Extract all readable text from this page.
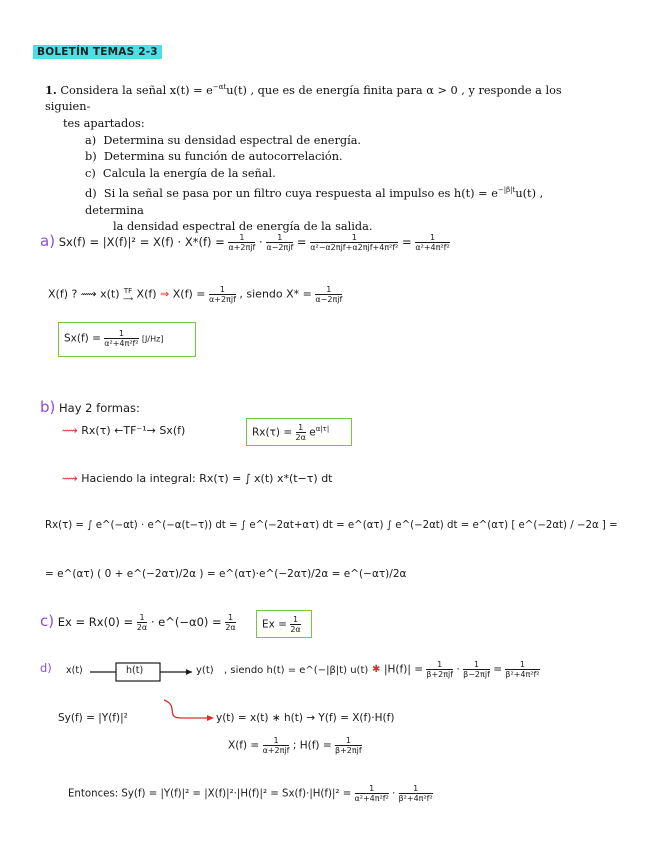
BOLETÍN TEMAS 2-3
1. Considera la señal $x(t) = e^{-\alpha t}u(t)$ , que es de energía finita para α > 0 , y responde a los siguien-
tes apartados:
a) Determina su densidad espectral de energía.
b) Determina su función de autocorrelación.
c) Calcula la energía de la señal.
d) Si la señal se pasa por un filtro cuya respuesta al impulso es $h(t) = e^{-|\beta|t}u(t)$ , determina
la densidad espectral de energía de la salida.
a) $Sx(f) = |X(f)|^2 = X(f) \cdot X*(f) = \frac{1}{\text{α+2πjf}} \cdot \frac{1}{\text{α−2πjf}} = \frac{1}{\text{α²−α2πjf+α2πjf+4π²f²}} = \frac{1}{\text{α²+4π²f²}}$
X(f) ? ⟿ x(t) TF
⟶ X(f) ⇒ $X(f) = \frac{1}{\text{α+2πjf}}$ , siendo $X* = \frac{1}{\text{α−2πjf}}$
$Sx(f) = \frac{1}{\text{α²+4π²f²}} [J/Hz]$
b) Hay 2 formas:
⟿ Rx(τ) ←TF⁻¹→ Sx(f)	$Rx(\tau) = \frac{1}{2\alpha} e^{\alpha|\tau|}$
⟿ Haciendo la integral: Rx(τ) = ∫ x(t) x*(t−τ) dt
Rx(τ) = ∫ e^(−αt) · e^(−α(t−τ)) dt = ∫ e^(−2αt+ατ) dt = e^(ατ) ∫ e^(−2αt) dt = e^(ατ) [ e^(−2αt) / −2α ] =
= e^(ατ) ( 0 + e^(−2ατ)/2α ) = e^(ατ)·e^(−2ατ)/2α = e^(−ατ)/2α
c) $Ex = Rx(0) = \frac{1}{2\alpha}$ · e^(−α0) = $\frac{1}{2\alpha}$	$Ex = \frac{1}{2\alpha}$
d) x(t)	h(t)	y(t) , siendo h(t) = e^(−|β|t) u(t) ✱ $|H(f)| = \frac{1}{\text{β+2πjf}} \cdot \frac{1}{\text{β−2πjf}} = \frac{1}{\text{β²+4π²f²}}$
Sy(f) = |Y(f)|²	y(t) = x(t) ∗ h(t) → Y(f) = X(f)·H(f)
$X(f) = \frac{1}{\text{α+2πjf}}$ ; $H(f) = \frac{1}{\text{β+2πjf}}$
Entonces: $Sy(f) = |Y(f)|^2 = |X(f)|^2\cdot|H(f)|^2 = Sx(f)\cdot|H(f)|^2 = \frac{1}{\text{α²+4π²f²}} \cdot \frac{1}{\text{β²+4π²f²}}$
